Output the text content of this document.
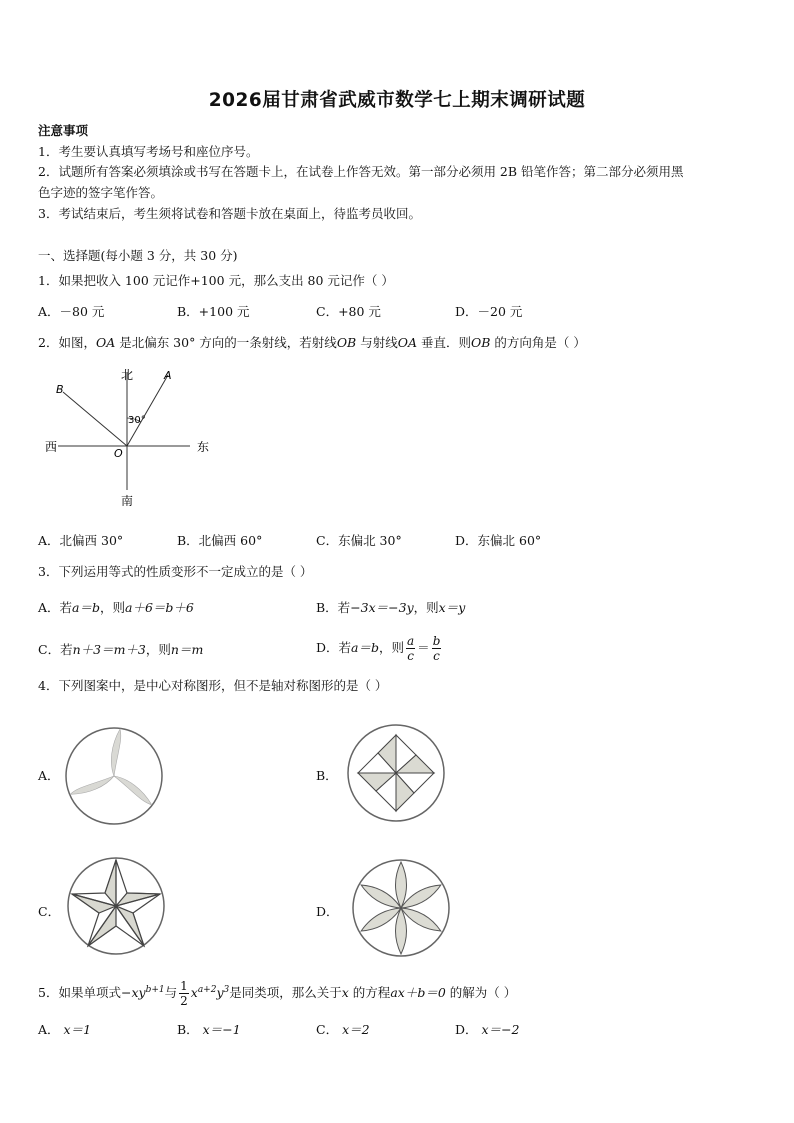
2026届甘肃省武威市数学七上期末调研试题
注意事项
1．考生要认真填写考场号和座位序号。
2．试题所有答案必须填涂或书写在答题卡上，在试卷上作答无效。第一部分必须用 2B 铅笔作答；第二部分必须用黑
色字迹的签字笔作答。
3．考试结束后，考生须将试卷和答题卡放在桌面上，待监考员收回。
一、选择题(每小题 3 分，共 30 分)
1．如果把收入 100 元记作+100 元，那么支出 80 元记作（ ）
A．－80 元	B．+100 元	C．+80 元	D．－20 元
2．如图，OA 是北偏东 30° 方向的一条射线，若射线OB 与射线OA 垂直．则OB 的方向角是（ ）
北
南
东
西
A
B
O
30°
A．北偏西 30°	B．北偏西 60°	C．东偏北 30°	D．东偏北 60°
3．下列运用等式的性质变形不一定成立的是（ ）
A．若a＝b，则a＋6＝b＋6	B．若−3x＝−3y，则x＝y
C．若n＋3＝m＋3，则n＝m	D．若a＝b，则 $\frac{a}{c} = \frac{b}{c}$
4．下列图案中，是中心对称图形，但不是轴对称图形的是（ ）
A．	B．
C．	D．
5．如果单项式$-xy^{b+1}$与 $\frac{1}{2} x^{a+2}y^3$是同类项，那么关于x 的方程ax＋b＝0 的解为（ ）
A． x＝1	B． x＝−1	C． x＝2	D． x＝−2
